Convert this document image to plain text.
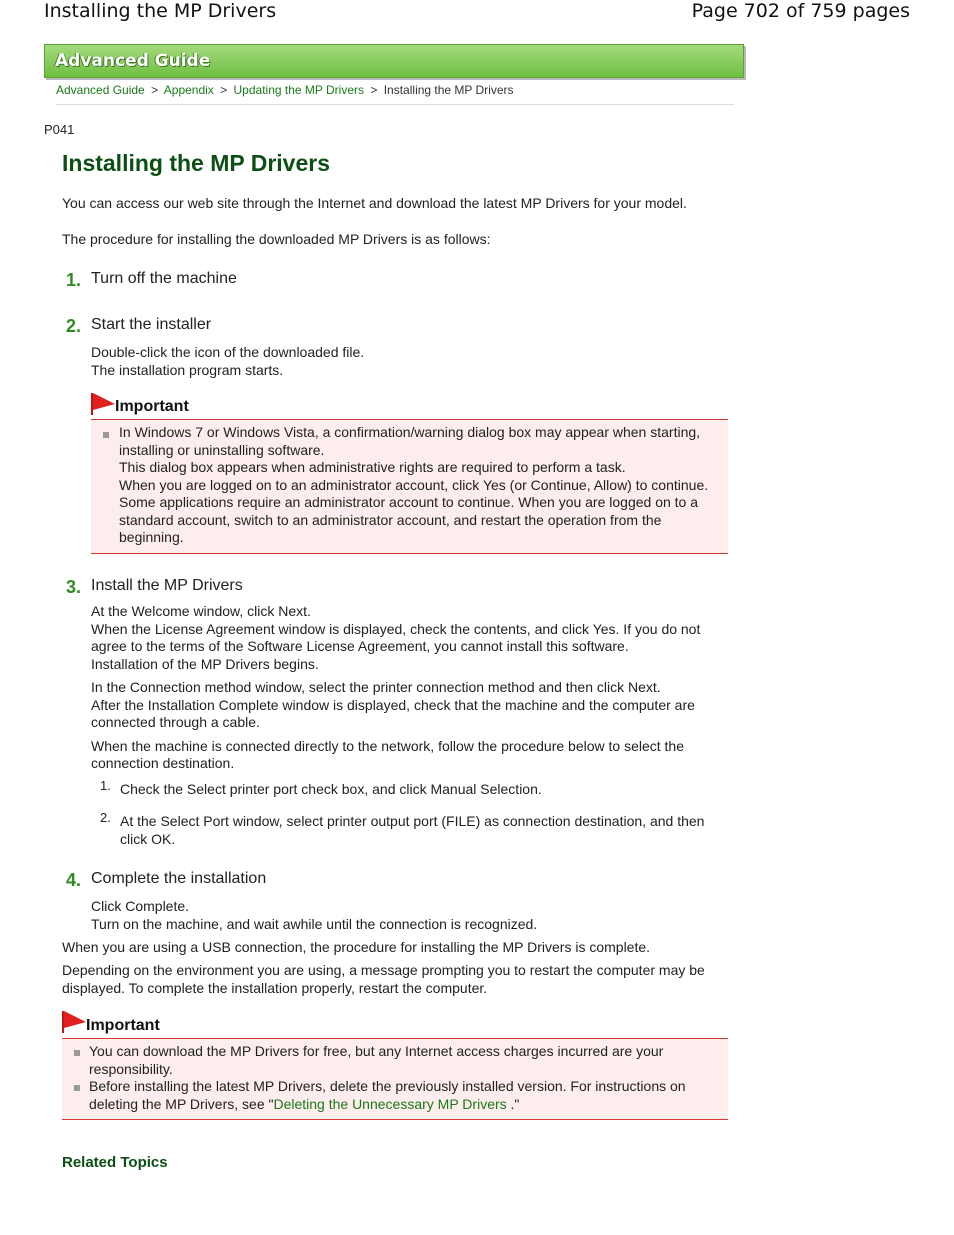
Installing the MP Drivers	Page 702 of 759 pages
Advanced Guide
Advanced Guide > Appendix > Updating the MP Drivers > Installing the MP Drivers
P041
Installing the MP Drivers

You can access our web site through the Internet and download the latest MP Drivers for your model.

The procedure for installing the downloaded MP Drivers is as follows:

1. Turn off the machine
2. Start the installer
Double-click the icon of the downloaded file.
The installation program starts.
Important
In Windows 7 or Windows Vista, a confirmation/warning dialog box may appear when starting,
installing or uninstalling software.
This dialog box appears when administrative rights are required to perform a task.
When you are logged on to an administrator account, click Yes (or Continue, Allow) to continue.
Some applications require an administrator account to continue. When you are logged on to a
standard account, switch to an administrator account, and restart the operation from the
beginning.
3. Install the MP Drivers
At the Welcome window, click Next.
When the License Agreement window is displayed, check the contents, and click Yes. If you do not
agree to the terms of the Software License Agreement, you cannot install this software.
Installation of the MP Drivers begins.
In the Connection method window, select the printer connection method and then click Next.
After the Installation Complete window is displayed, check that the machine and the computer are
connected through a cable.
When the machine is connected directly to the network, follow the procedure below to select the
connection destination.
1. Check the Select printer port check box, and click Manual Selection.
2. At the Select Port window, select printer output port (FILE) as connection destination, and then click OK.
4. Complete the installation
Click Complete.
Turn on the machine, and wait awhile until the connection is recognized.

When you are using a USB connection, the procedure for installing the MP Drivers is complete.

Depending on the environment you are using, a message prompting you to restart the computer may be
displayed. To complete the installation properly, restart the computer.
Important
You can download the MP Drivers for free, but any Internet access charges incurred are your
responsibility.
Before installing the latest MP Drivers, delete the previously installed version. For instructions on
deleting the MP Drivers, see "Deleting the Unnecessary MP Drivers ."
Related Topics
